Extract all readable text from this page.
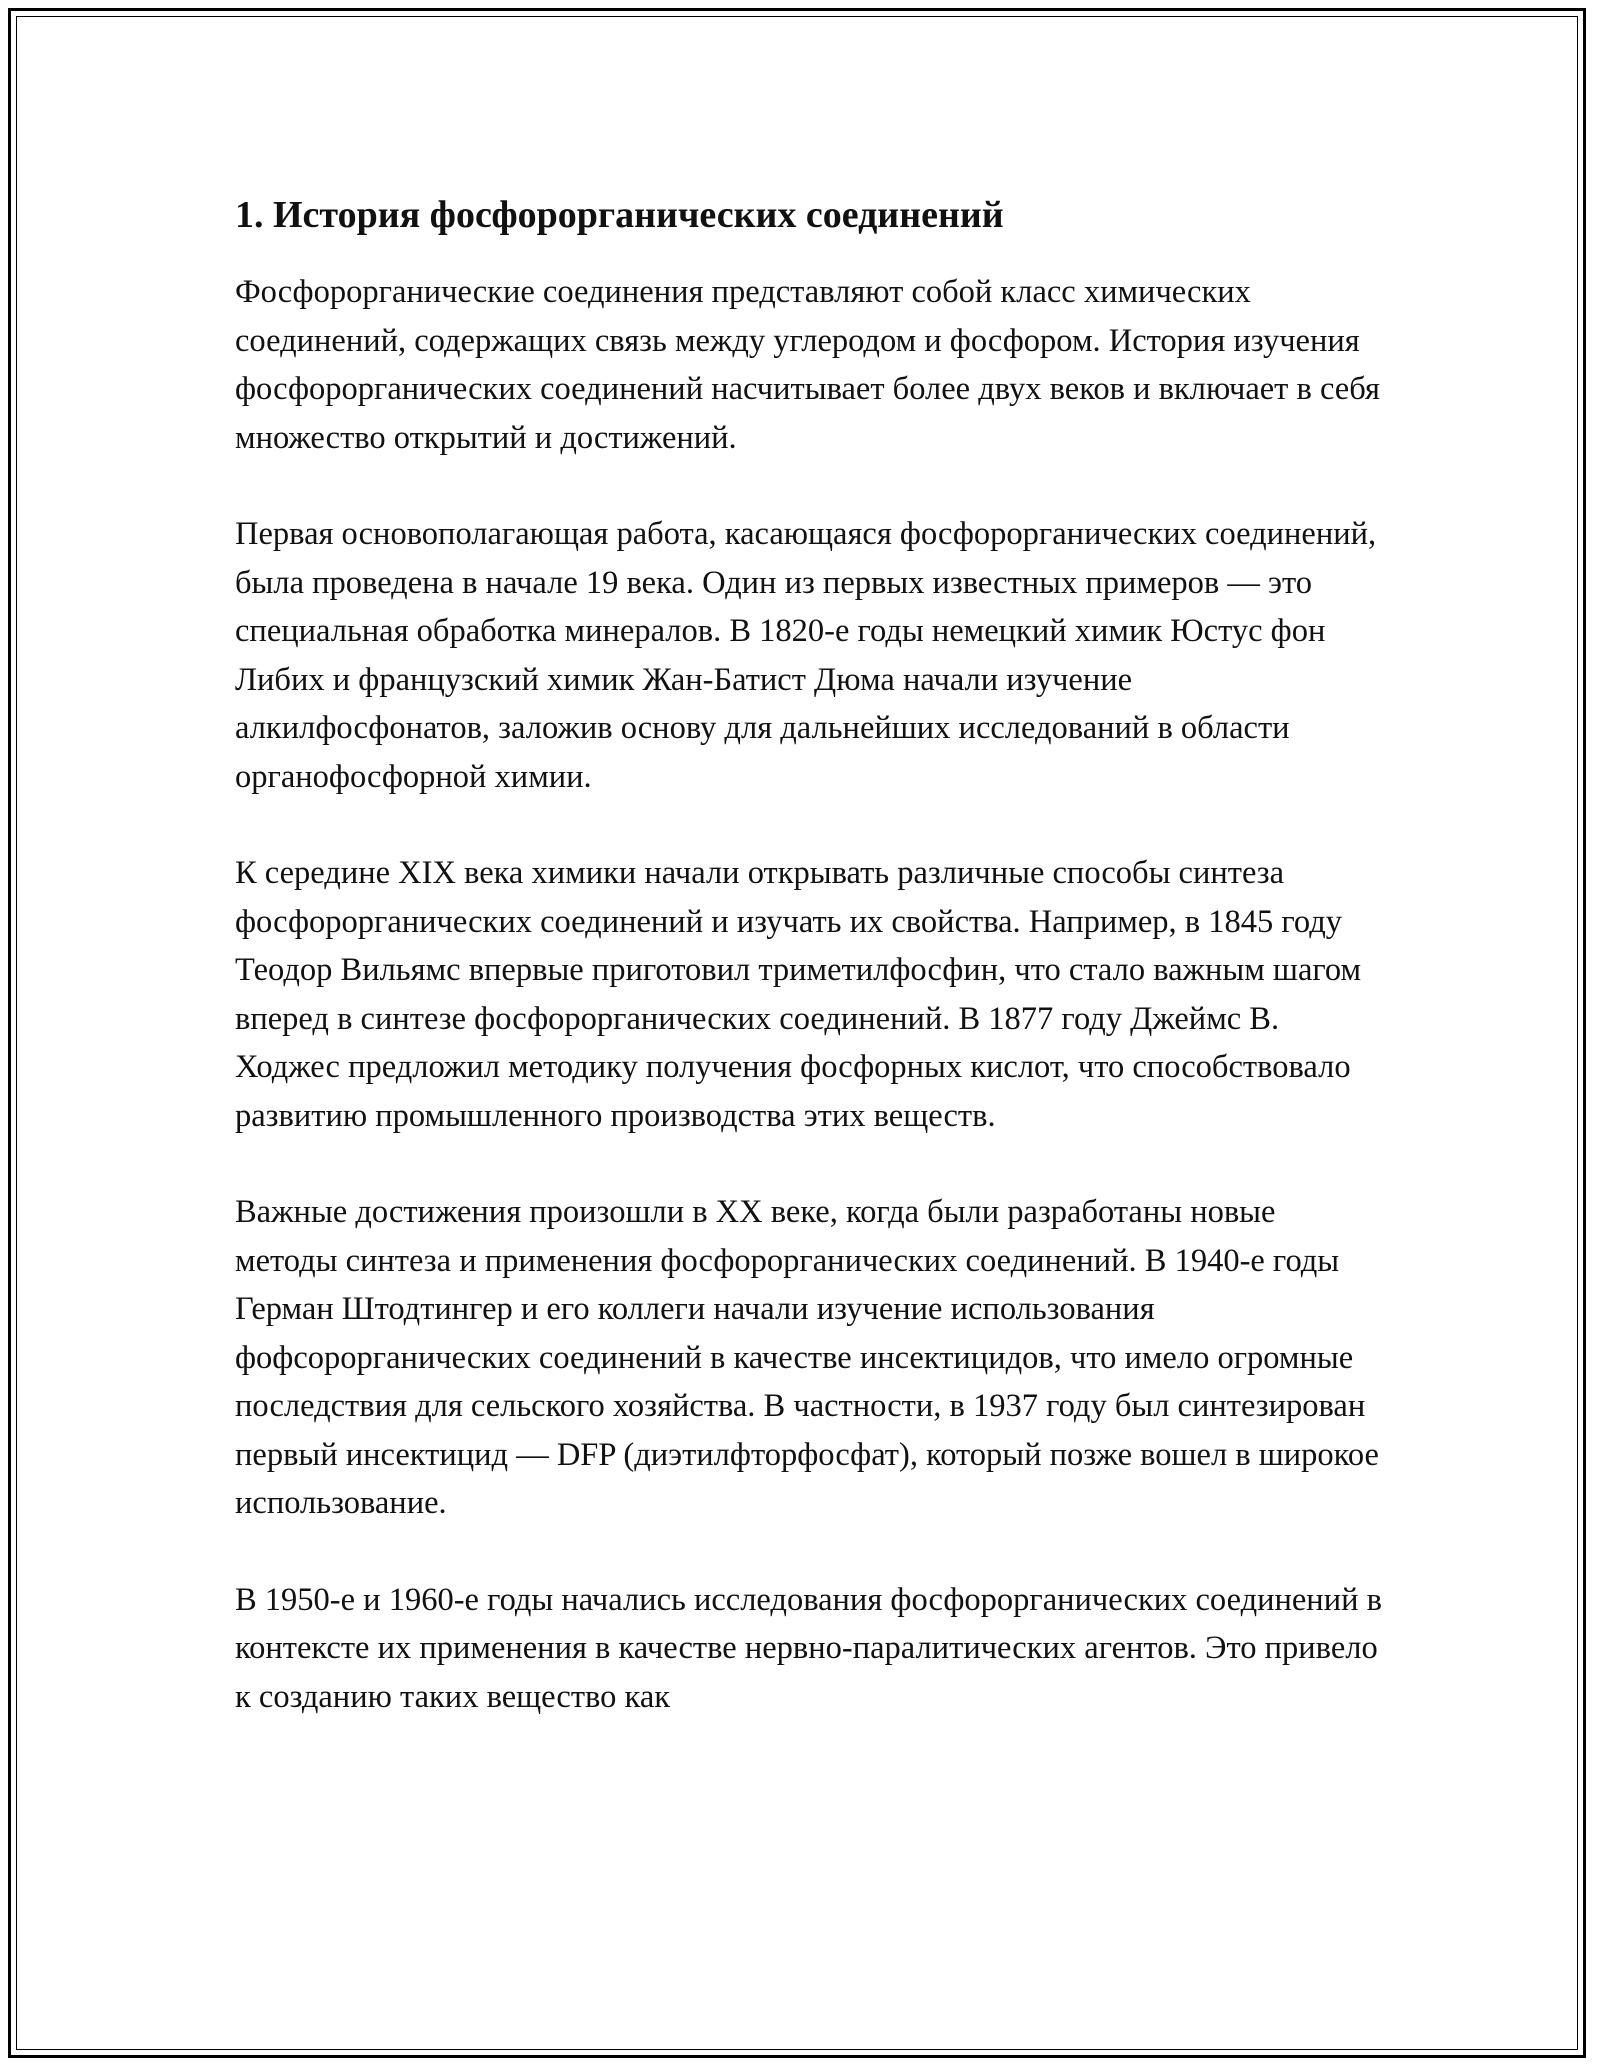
1. История фосфорорганических соединений

Фосфорорганические соединения представляют собой класс химических соединений, содержащих связь между углеродом и фосфором. История изучения фосфорорганических соединений насчитывает более двух веков и включает в себя множество открытий и достижений.

Первая основополагающая работа, касающаяся фосфорорганических соединений, была проведена в начале 19 века. Один из первых известных примеров — это специальная обработка минералов. В 1820-е годы немецкий химик Юстус фон Либих и французский химик Жан-Батист Дюма начали изучение алкилфосфонатов, заложив основу для дальнейших исследований в области органофосфорной химии.

К середине XIX века химики начали открывать различные способы синтеза фосфорорганических соединений и изучать их свойства. Например, в 1845 году Теодор Вильямс впервые приготовил триметилфосфин, что стало важным шагом вперед в синтезе фосфорорганических соединений. В 1877 году Джеймс В. Ходжес предложил методику получения фосфорных кислот, что способствовало развитию промышленного производства этих веществ.

Важные достижения произошли в XX веке, когда были разработаны новые методы синтеза и применения фосфорорганических соединений. В 1940-е годы Герман Штодтингер и его коллеги начали изучение использования фофсорорганических соединений в качестве инсектицидов, что имело огромные последствия для сельского хозяйства. В частности, в 1937 году был синтезирован первый инсектицид — DFP (диэтилфторфосфат), который позже вошел в широкое использование.

В 1950-е и 1960-е годы начались исследования фосфорорганических соединений в контексте их применения в качестве нервно-паралитических агентов. Это привело к созданию таких вещество как
